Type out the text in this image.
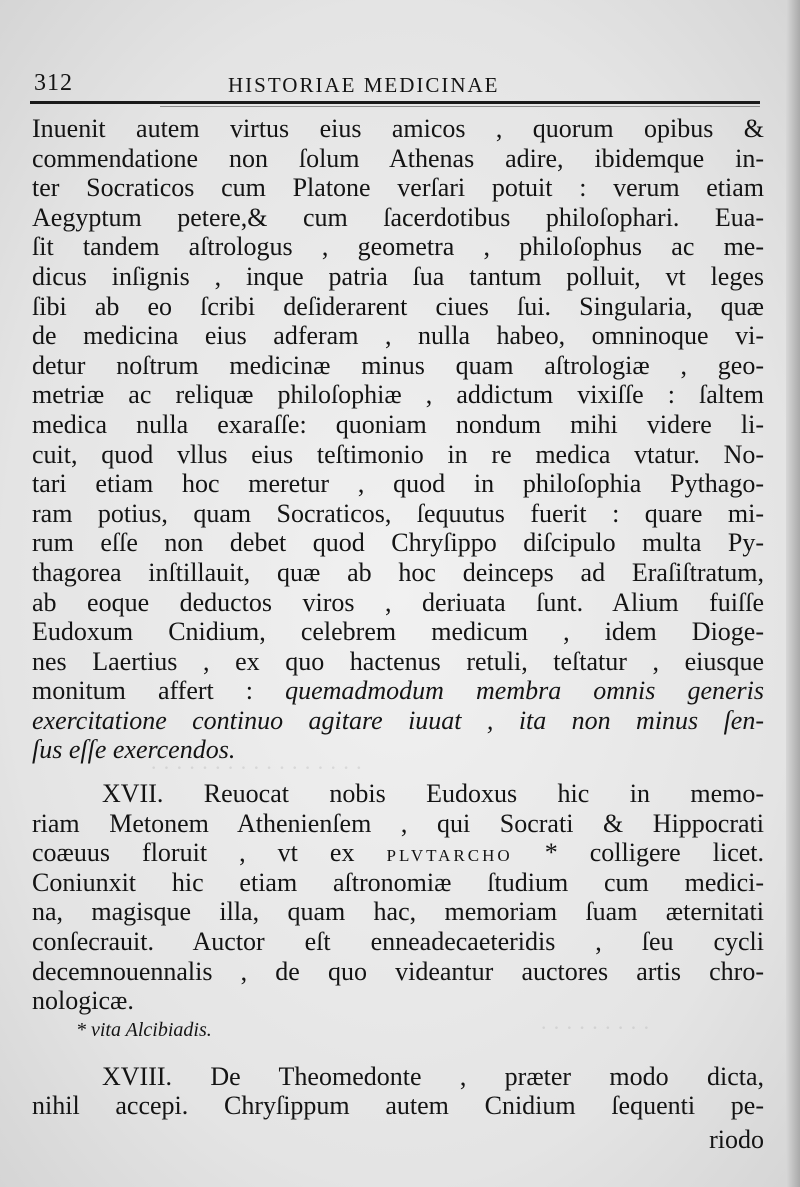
· · · · · · · · · · · · · · · · ·
· · · · · · · · ·
312	HISTORIAE MEDICINAE
Inuenit autem virtus eius amicos , quorum opibus &
commendatione non ſolum Athenas adire, ibidemque in-
ter Socraticos cum Platone verſari potuit : verum etiam
Aegyptum petere,& cum ſacerdotibus philoſophari. Eua-
ſit tandem aſtrologus , geometra , philoſophus ac me-
dicus inſignis , inque patria ſua tantum polluit, vt leges
ſibi ab eo ſcribi deſiderarent ciues ſui. Singularia, quæ
de medicina eius adferam , nulla habeo, omninoque vi-
detur noſtrum medicinæ minus quam aſtrologiæ , geo-
metriæ ac reliquæ philoſophiæ , addictum vixiſſe : ſaltem
medica nulla exaraſſe: quoniam nondum mihi videre li-
cuit, quod vllus eius teſtimonio in re medica vtatur. No-
tari etiam hoc meretur , quod in philoſophia Pythago-
ram potius, quam Socraticos, ſequutus fuerit : quare mi-
rum eſſe non debet quod Chryſippo diſcipulo multa Py-
thagorea inſtillauit, quæ ab hoc deinceps ad Eraſiſtratum,
ab eoque deductos viros , deriuata ſunt. Alium fuiſſe
Eudoxum Cnidium, celebrem medicum , idem Dioge-
nes Laertius , ex quo hactenus retuli, teſtatur , eiusque
monitum affert : quemadmodum membra omnis generis
exercitatione continuo agitare iuuat , ita non minus ſen-
ſus eſſe exercendos.
XVII. Reuocat nobis Eudoxus hic in memo-
riam Metonem Athenienſem , qui Socrati & Hippocrati
coæuus floruit , vt ex PLVTARCHO * colligere licet.
Coniunxit hic etiam aſtronomiæ ſtudium cum medici-
na, magisque illa, quam hac, memoriam ſuam æternitati
conſecrauit. Auctor eſt enneadecaeteridis , ſeu cycli
decemnouennalis , de quo videantur auctores artis chro-
nologicæ.
* vita Alcibiadis.
XVIII. De Theomedonte , præter modo dicta,
nihil accepi. Chryſippum autem Cnidium ſequenti pe-
riodo
